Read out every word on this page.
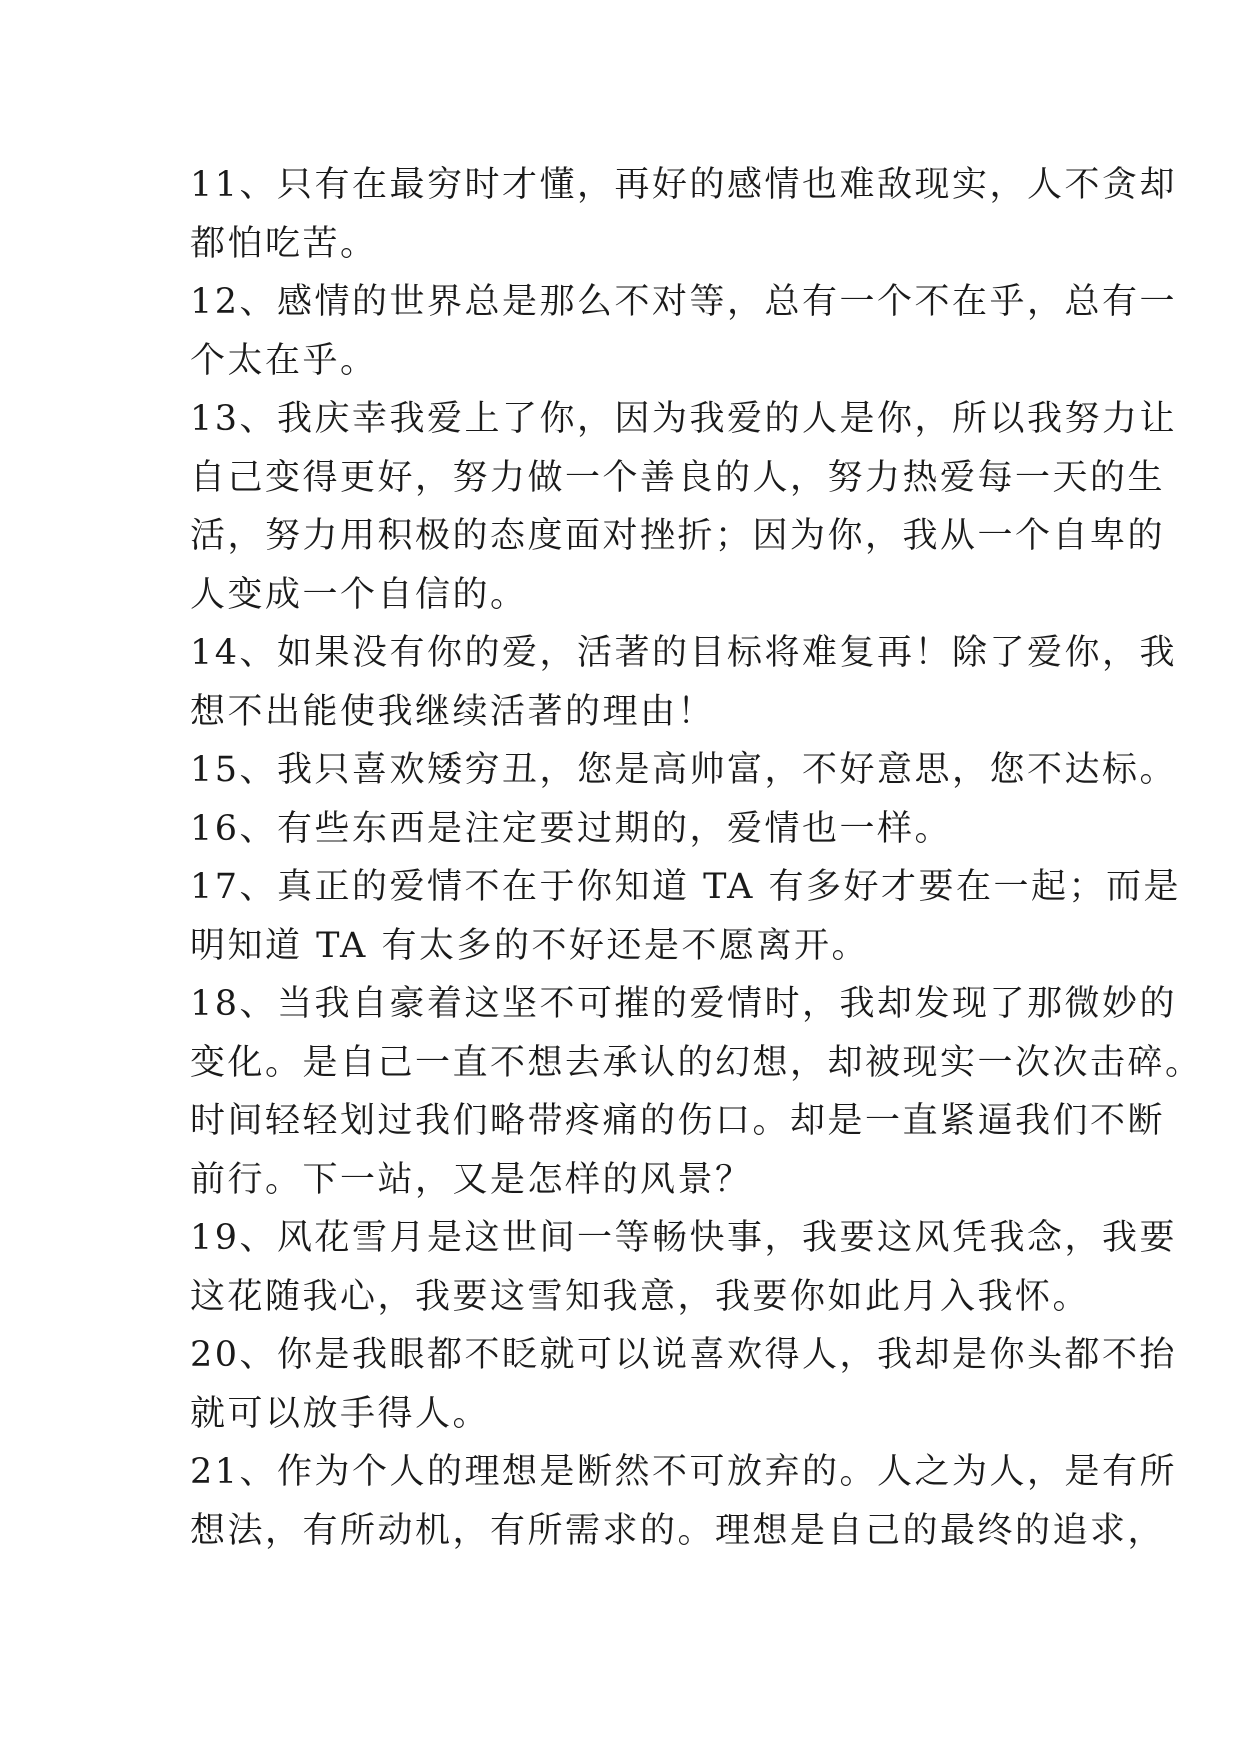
11、只有在最穷时才懂，再好的感情也难敌现实，人不贪却
都怕吃苦。
12、感情的世界总是那么不对等，总有一个不在乎，总有一
个太在乎。
13、我庆幸我爱上了你，因为我爱的人是你，所以我努力让
自己变得更好，努力做一个善良的人，努力热爱每一天的生
活，努力用积极的态度面对挫折；因为你，我从一个自卑的
人变成一个自信的。
14、如果没有你的爱，活著的目标将难复再！除了爱你，我
想不出能使我继续活著的理由！
15、我只喜欢矮穷丑，您是高帅富，不好意思，您不达标。
16、有些东西是注定要过期的，爱情也一样。
17、真正的爱情不在于你知道 TA 有多好才要在一起；而是
明知道 TA 有太多的不好还是不愿离开。
18、当我自豪着这坚不可摧的爱情时，我却发现了那微妙的
变化。是自己一直不想去承认的幻想，却被现实一次次击碎。
时间轻轻划过我们略带疼痛的伤口。却是一直紧逼我们不断
前行。下一站，又是怎样的风景？
19、风花雪月是这世间一等畅快事，我要这风凭我念，我要
这花随我心，我要这雪知我意，我要你如此月入我怀。
20、你是我眼都不眨就可以说喜欢得人，我却是你头都不抬
就可以放手得人。
21、作为个人的理想是断然不可放弃的。人之为人，是有所
想法，有所动机，有所需求的。理想是自己的最终的追求，
